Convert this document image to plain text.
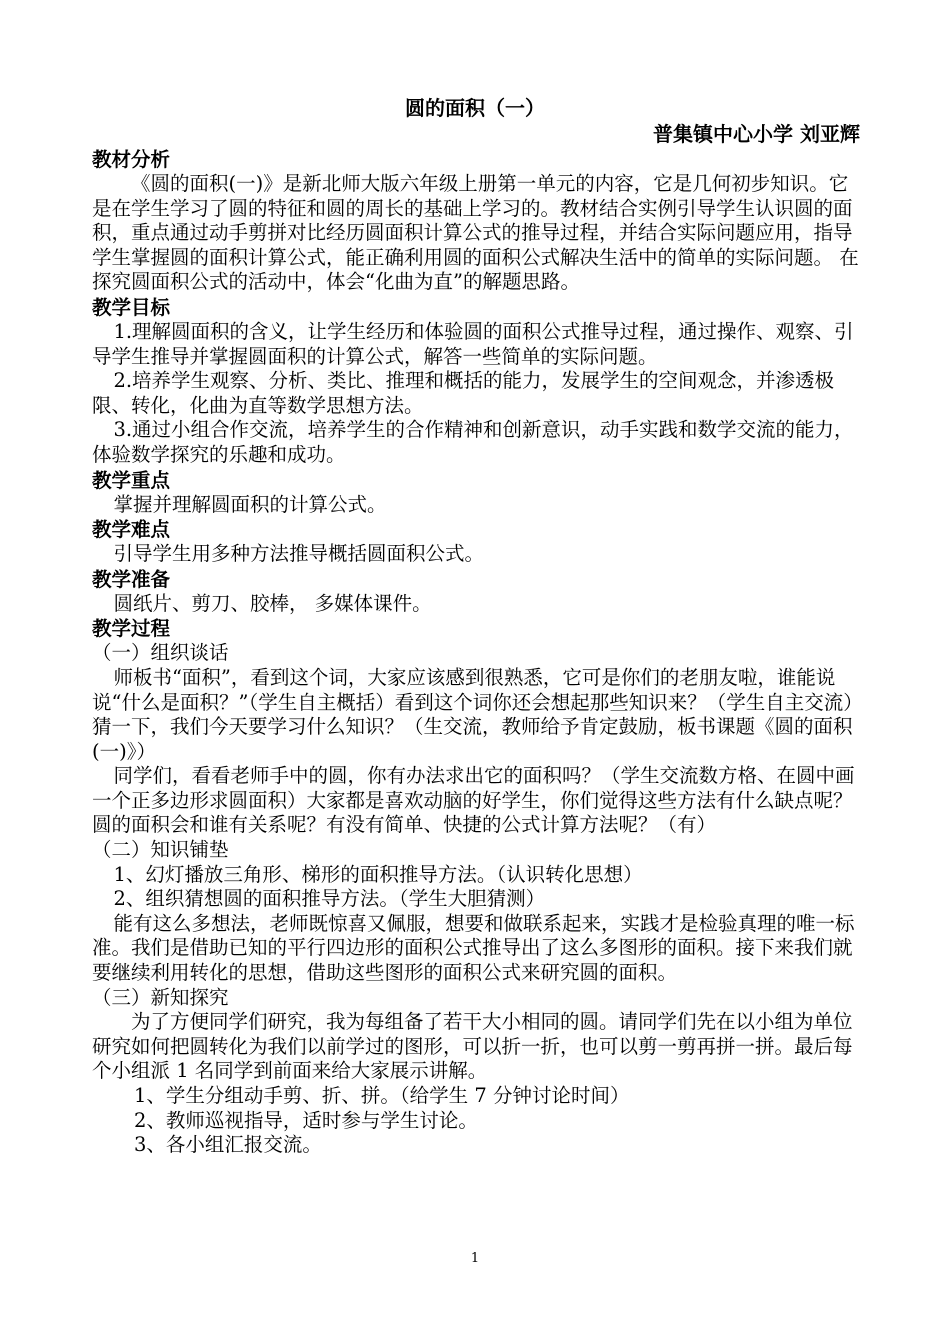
圆的面积（一）
普集镇中心小学 刘亚辉
教材分析

《圆的面积(一)》是新北师大版六年级上册第一单元的内容，它是几何初步知识。它是在学生学习了圆的特征和圆的周长的基础上学习的。教材结合实例引导学生认识圆的面积，重点通过动手剪拼对比经历圆面积计算公式的推导过程，并结合实际问题应用，指导学生掌握圆的面积计算公式，能正确利用圆的面积公式解决生活中的简单的实际问题。 在探究圆面积公式的活动中，体会“化曲为直”的解题思路。

教学目标

1.理解圆面积的含义，让学生经历和体验圆的面积公式推导过程，通过操作、观察、引导学生推导并掌握圆面积的计算公式，解答一些简单的实际问题。

2.培养学生观察、分析、类比、推理和概括的能力，发展学生的空间观念，并渗透极限、转化，化曲为直等数学思想方法。

3.通过小组合作交流，培养学生的合作精神和创新意识，动手实践和数学交流的能力，体验数学探究的乐趣和成功。

教学重点

掌握并理解圆面积的计算公式。

教学难点

引导学生用多种方法推导概括圆面积公式。

教学准备

圆纸片、剪刀、胶棒， 多媒体课件。

教学过程

（一）组织谈话

师板书“面积”，看到这个词，大家应该感到很熟悉，它可是你们的老朋友啦，谁能说说“什么是面积？”（学生自主概括）看到这个词你还会想起那些知识来？（学生自主交流）猜一下，我们今天要学习什么知识？（生交流，教师给予肯定鼓励，板书课题《圆的面积(一)》）

同学们，看看老师手中的圆，你有办法求出它的面积吗？（学生交流数方格、在圆中画一个正多边形求圆面积）大家都是喜欢动脑的好学生，你们觉得这些方法有什么缺点呢？圆的面积会和谁有关系呢？有没有简单、快捷的公式计算方法呢？（有）

（二）知识铺垫

1、幻灯播放三角形、梯形的面积推导方法。（认识转化思想）

2、组织猜想圆的面积推导方法。（学生大胆猜测）

能有这么多想法，老师既惊喜又佩服，想要和做联系起来，实践才是检验真理的唯一标准。我们是借助已知的平行四边形的面积公式推导出了这么多图形的面积。接下来我们就要继续利用转化的思想，借助这些图形的面积公式来研究圆的面积。

（三）新知探究

为了方便同学们研究，我为每组备了若干大小相同的圆。请同学们先在以小组为单位研究如何把圆转化为我们以前学过的图形，可以折一折，也可以剪一剪再拼一拼。最后每个小组派 1 名同学到前面来给大家展示讲解。

1、学生分组动手剪、折、拼。（给学生 7 分钟讨论时间）

2、教师巡视指导，适时参与学生讨论。

3、各小组汇报交流。

1
